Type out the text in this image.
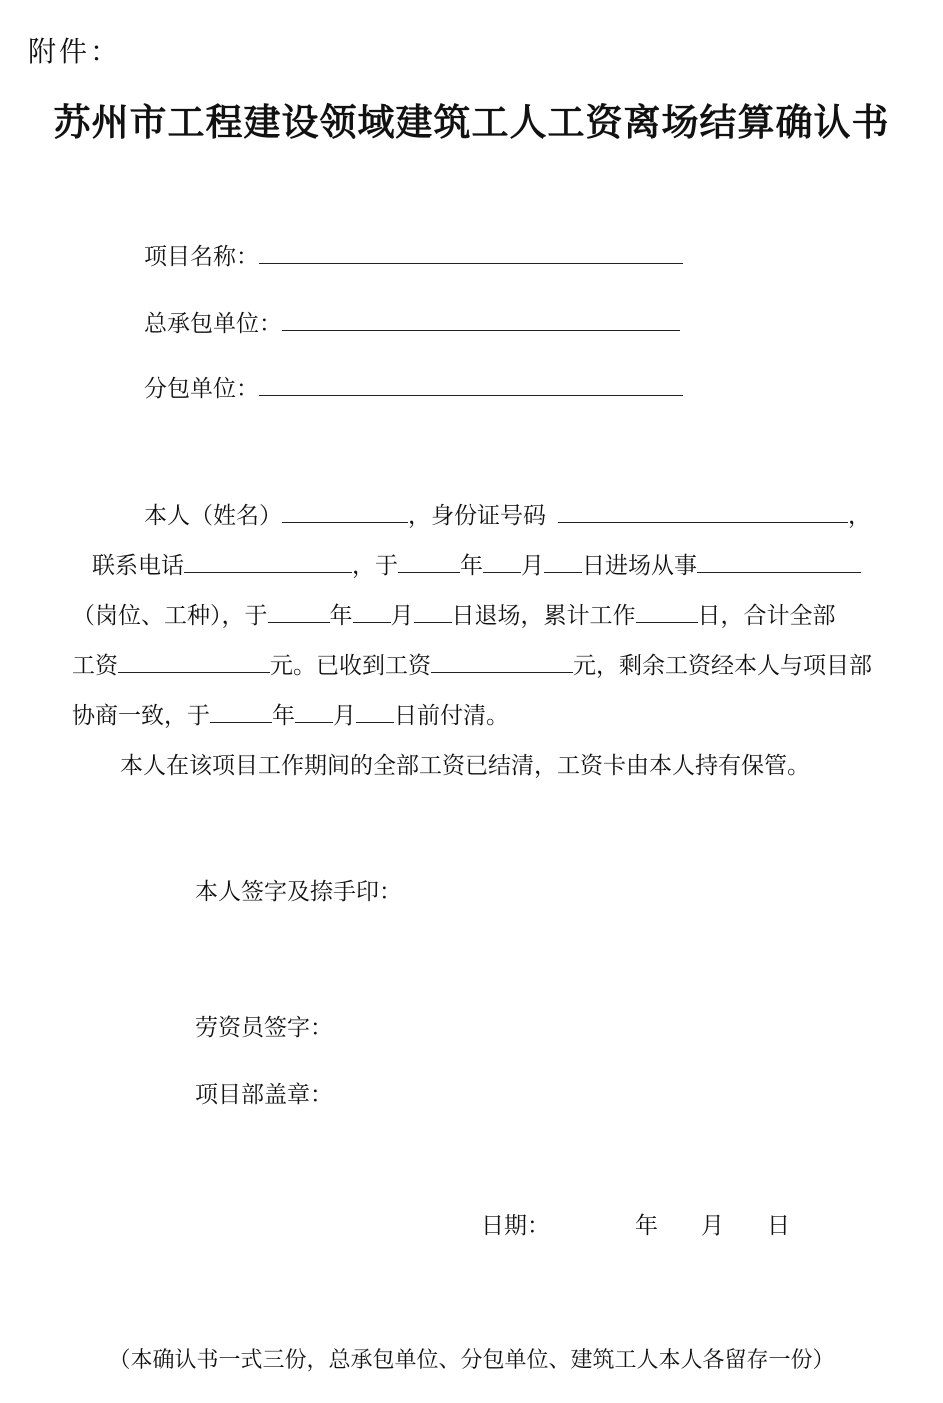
附件：
苏州市工程建设领域建筑工人工资离场结算确认书
项目名称：
总承包单位：
分包单位：
本人（姓名）	，身份证号码	，
联系电话	，于	年 月 日进场从事
（岗位、工种），于	年 月 日退场，累计工作	日，合计全部
工资	元。已收到工资	元，剩余工资经本人与项目部
协商一致，于	年 月 日前付清。
本人在该项目工作期间的全部工资已结清，工资卡由本人持有保管。
本人签字及捺手印：
劳资员签字：
项目部盖章：
日期：	年 月 日
（本确认书一式三份，总承包单位、分包单位、建筑工人本人各留存一份）
